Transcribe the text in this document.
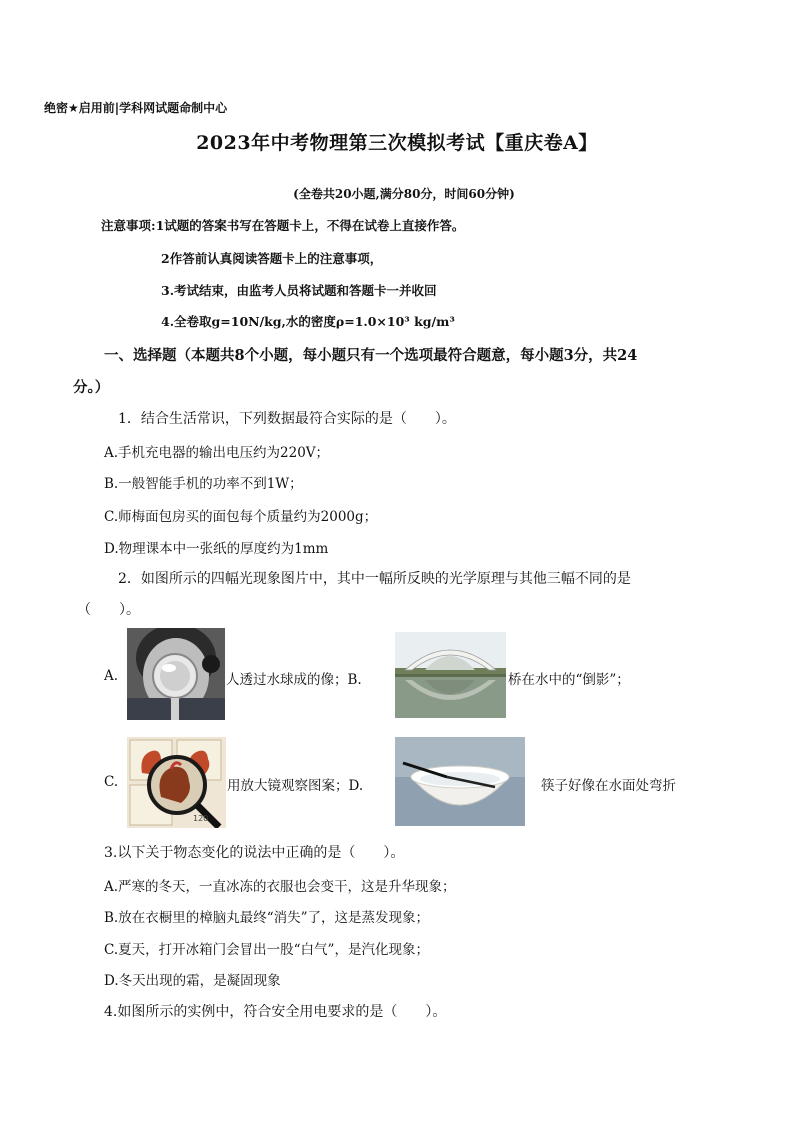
绝密★启用前|学科网试题命制中心
2023年中考物理第三次模拟考试【重庆卷A】
(全卷共20小题,满分80分，时间60分钟)
注意事项:1试题的答案书写在答题卡上，不得在试卷上直接作答。
2作答前认真阅读答题卡上的注意事项，
3.考试结束，由监考人员将试题和答题卡一并收回
4.全卷取g=10N/kg,水的密度ρ=1.0×10³ kg/m³
一、选择题（本题共8个小题，每小题只有一个选项最符合题意，每小题3分，共24
分。）
1．结合生活常识，下列数据最符合实际的是（　　）。
A.手机充电器的输出电压约为220V；
B.一般智能手机的功率不到1W；
C.师梅面包房买的面包每个质量约为2000g；
D.物理课本中一张纸的厚度约为1mm
2．如图所示的四幅光现象图片中，其中一幅所反映的光学原理与其他三幅不同的是
（　　）。
A.	人透过水球成的像；B.	桥在水中的“倒影”；
C.
120
用放大镜观察图案；D.	筷子好像在水面处弯折
3.以下关于物态变化的说法中正确的是（　　）。
A.严寒的冬天，一直冰冻的衣服也会变干，这是升华现象；
B.放在衣橱里的樟脑丸最终“消失”了，这是蒸发现象；
C.夏天，打开冰箱门会冒出一股“白气”，是汽化现象；
D.冬天出现的霜，是凝固现象
4.如图所示的实例中，符合安全用电要求的是（　　）。
